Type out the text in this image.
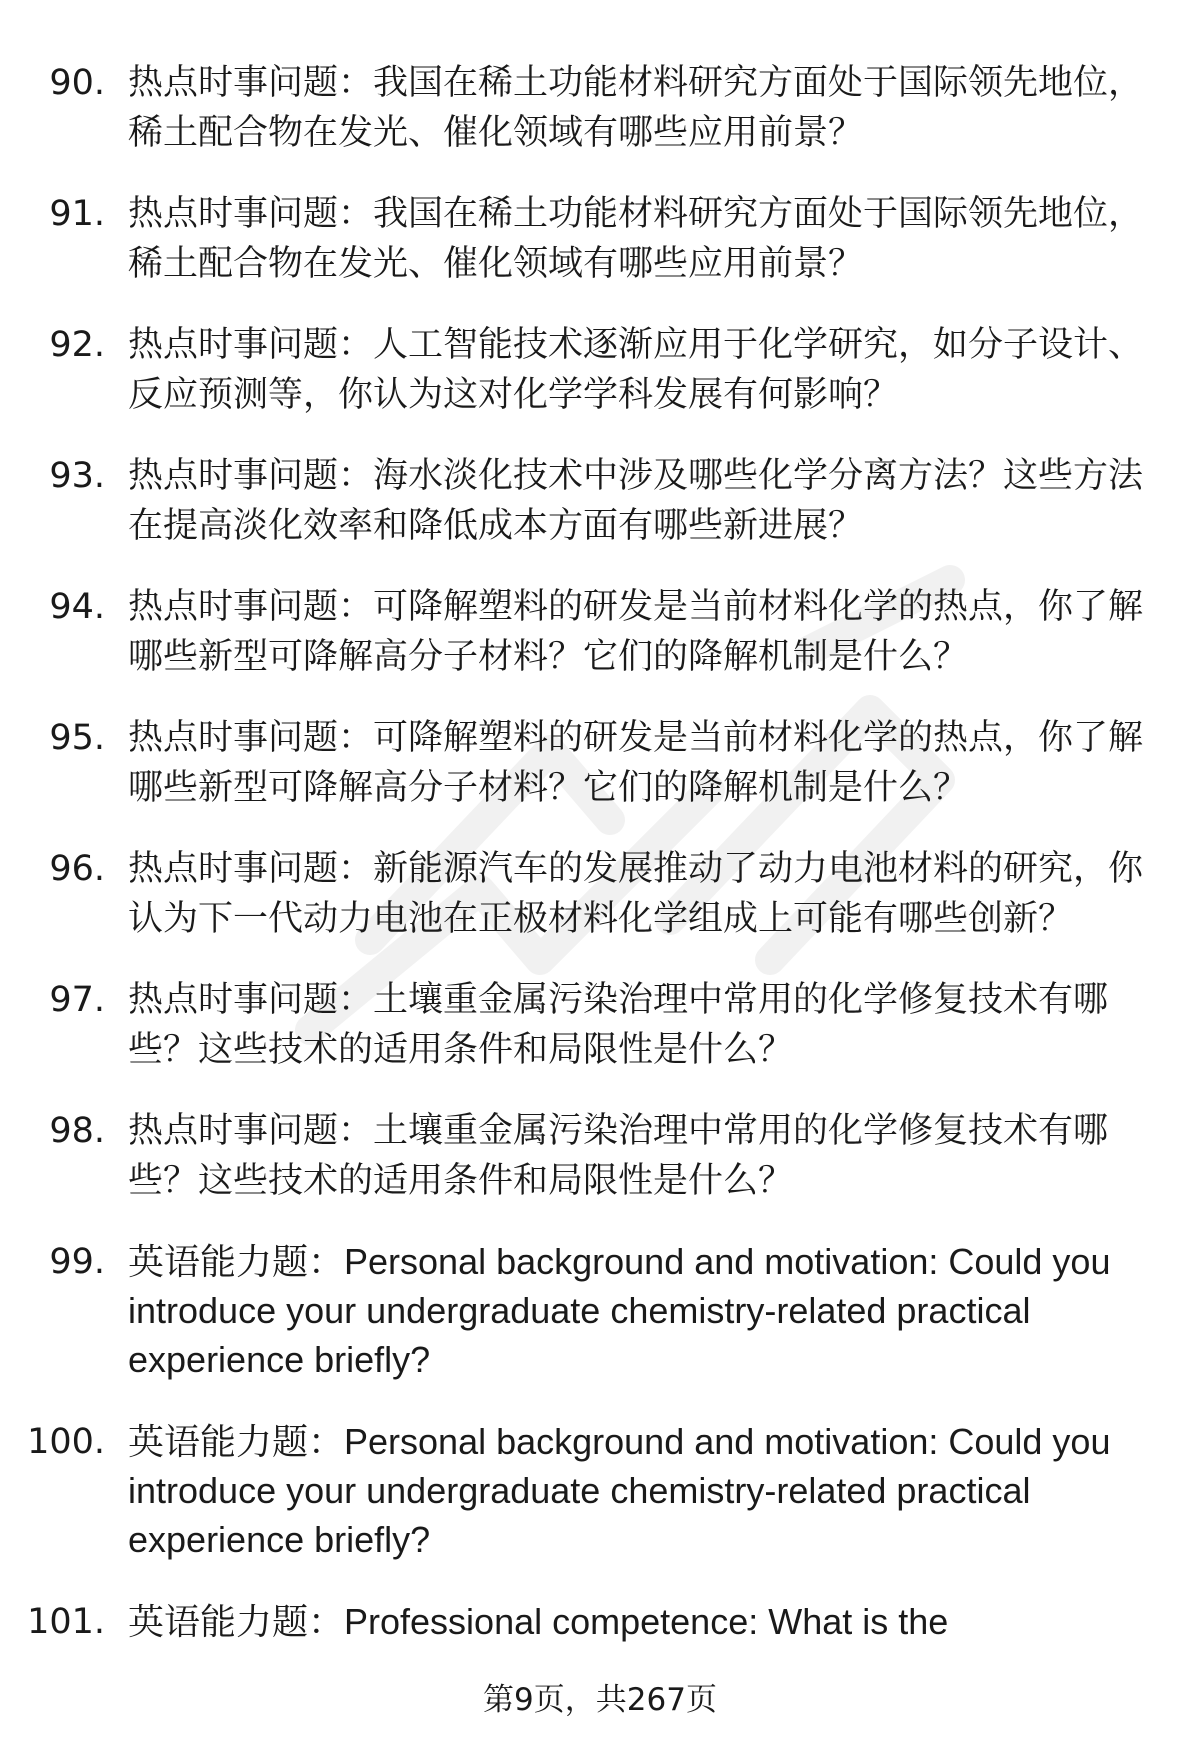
90. 热点时事问题：我国在稀土功能材料研究方面处于国际领先地位，稀土配合物在发光、催化领域有哪些应用前景？
91. 热点时事问题：我国在稀土功能材料研究方面处于国际领先地位，稀土配合物在发光、催化领域有哪些应用前景？
92. 热点时事问题：人工智能技术逐渐应用于化学研究，如分子设计、反应预测等，你认为这对化学学科发展有何影响？
93. 热点时事问题：海水淡化技术中涉及哪些化学分离方法？这些方法在提高淡化效率和降低成本方面有哪些新进展？
94. 热点时事问题：可降解塑料的研发是当前材料化学的热点，你了解哪些新型可降解高分子材料？它们的降解机制是什么？
95. 热点时事问题：可降解塑料的研发是当前材料化学的热点，你了解哪些新型可降解高分子材料？它们的降解机制是什么？
96. 热点时事问题：新能源汽车的发展推动了动力电池材料的研究，你认为下一代动力电池在正极材料化学组成上可能有哪些创新？
97. 热点时事问题：土壤重金属污染治理中常用的化学修复技术有哪些？这些技术的适用条件和局限性是什么？
98. 热点时事问题：土壤重金属污染治理中常用的化学修复技术有哪些？这些技术的适用条件和局限性是什么？
99. 英语能力题：Personal background and motivation: Could you introduce your undergraduate chemistry-related practical experience briefly?
100. 英语能力题：Personal background and motivation: Could you introduce your undergraduate chemistry-related practical experience briefly?
101. 英语能力题：Professional competence: What is the
第9页，共267页
